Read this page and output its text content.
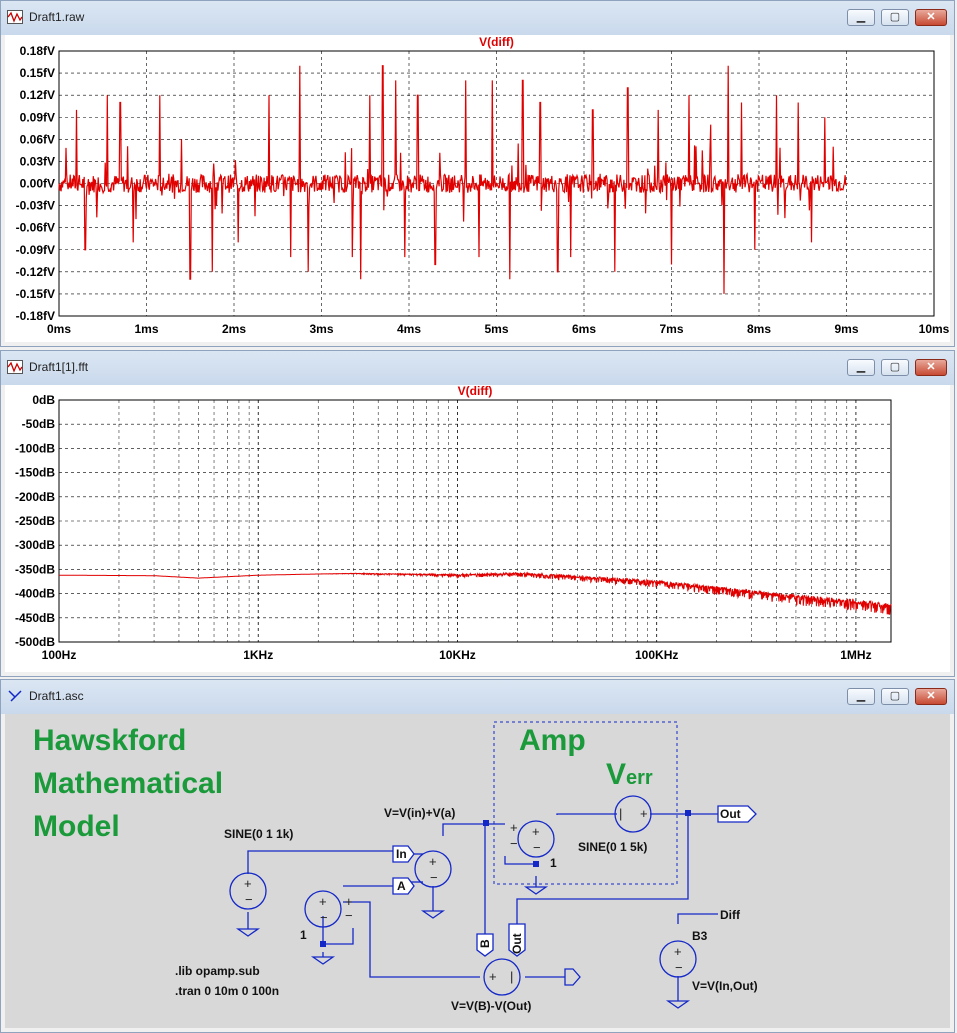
Draft1.raw	▁	▢	✕
V(diff)
0.18fV
0.15fV
0.12fV
0.09fV
0.06fV
0.03fV
0.00fV
-0.03fV
-0.06fV
-0.09fV
-0.12fV
-0.15fV
-0.18fV
0ms	1ms	2ms	3ms	4ms	5ms	6ms	7ms	8ms	9ms	10ms
Draft1[1].fft	▁	▢	✕
V(diff)
0dB
-50dB
-100dB
-150dB
-200dB
-250dB
-300dB
-350dB
-400dB
-450dB
-500dB
100Hz	1KHz	10KHz	100KHz	1MHz
Draft1.asc	▁	▢	✕
Hawskford
Mathematical
Model
Amp
Verr
+
−
+
−
+
−
+
−
| +
+ |
+
−
+
−
+
−
In
A
Out
B Out
SINE(0 1 1k)
V=V(in)+V(a)
SINE(0 1 5k)
1
1
V=V(B)-V(Out)
Diff
B3
V=V(In,Out)
.lib opamp.sub
.tran 0 10m 0 100n
